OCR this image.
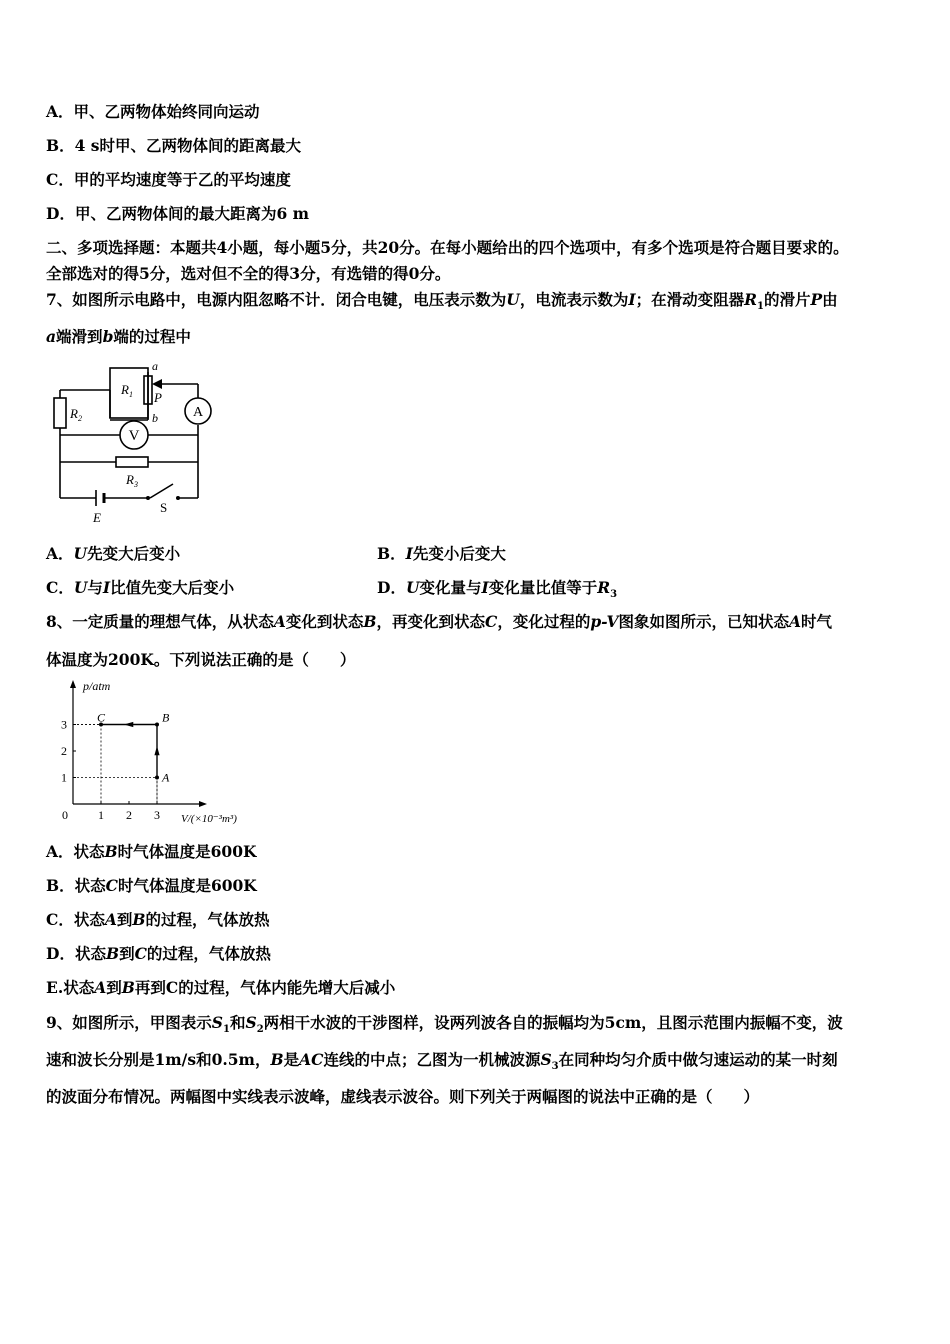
A．甲、乙两物体始终同向运动
B．4 s时甲、乙两物体间的距离最大
C．甲的平均速度等于乙的平均速度
D．甲、乙两物体间的最大距离为6 m
二、多项选择题：本题共4小题，每小题5分，共20分。在每小题给出的四个选项中，有多个选项是符合题目要求的。
全部选对的得5分，选对但不全的得3分，有选错的得0分。
7、如图所示电路中，电源内阻忽略不计．闭合电键，电压表示数为U，电流表示数为I；在滑动变阻器$R_1$的滑片P由
a端滑到b端的过程中
$R_1$
$R_2$
$R_3$
a
P
b A
V
E
S
A．U先变大后变小	B．I先变小后变大
C．U与I比值先变大后变小	D．U变化量与I变化量比值等于$R_3$
8、一定质量的理想气体，从状态A变化到状态B，再变化到状态C，变化过程的p-V图象如图所示，已知状态A时气
体温度为200K。下列说法正确的是（　　）
p/atm
V/(×10⁻³m³)
0	1 2 3
1
2
3
A
B
C
A．状态B时气体温度是600K
B．状态C时气体温度是600K
C．状态A到B的过程，气体放热
D．状态B到C的过程，气体放热
E.状态A到B再到C的过程，气体内能先增大后减小
9、如图所示，甲图表示$S_1$和$S_2$两相干水波的干涉图样，设两列波各自的振幅均为5cm，且图示范围内振幅不变，波
速和波长分别是1m/s和0.5m，B是AC连线的中点；乙图为一机械波源$S_3$在同种均匀介质中做匀速运动的某一时刻
的波面分布情况。两幅图中实线表示波峰，虚线表示波谷。则下列关于两幅图的说法中正确的是（　　）
